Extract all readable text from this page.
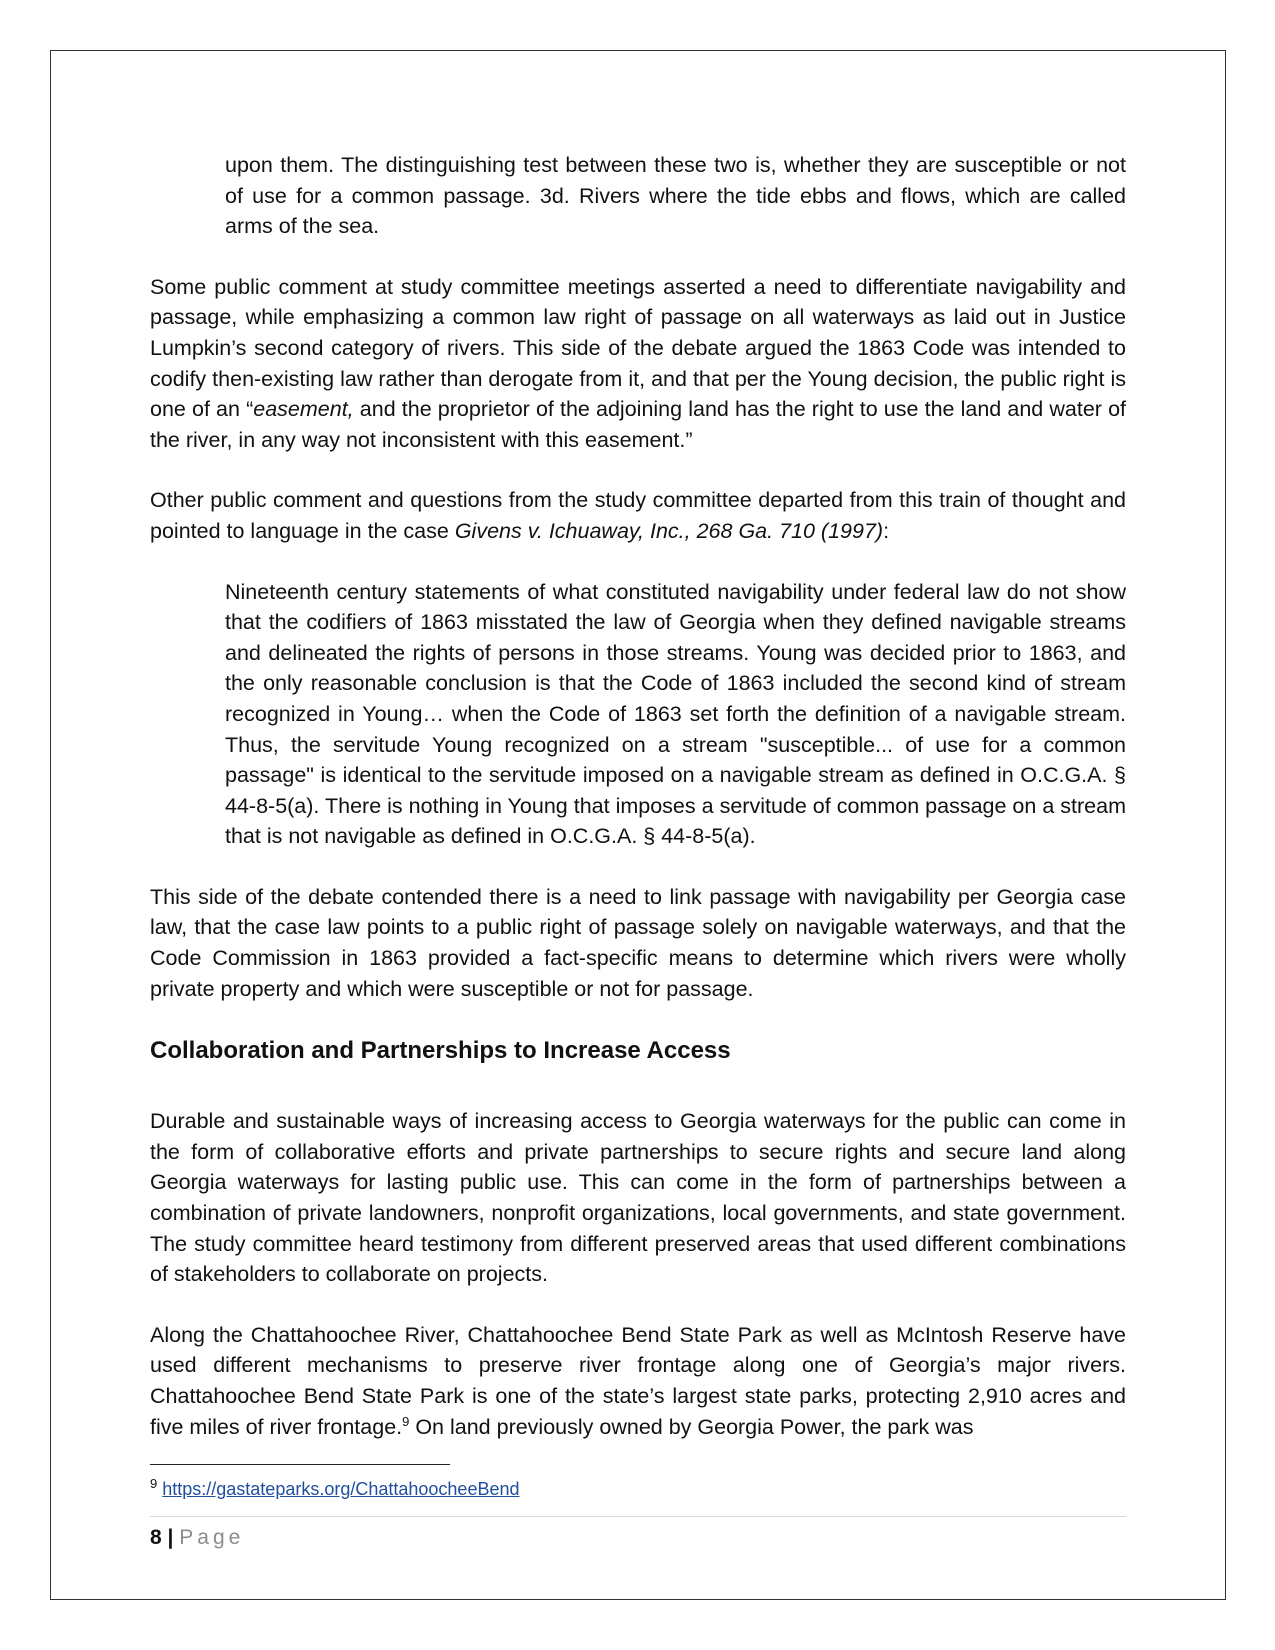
upon them. The distinguishing test between these two is, whether they are susceptible or not of use for a common passage. 3d. Rivers where the tide ebbs and flows, which are called arms of the sea.

Some public comment at study committee meetings asserted a need to differentiate navigability and passage, while emphasizing a common law right of passage on all waterways as laid out in Justice Lumpkin’s second category of rivers. This side of the debate argued the 1863 Code was intended to codify then-existing law rather than derogate from it, and that per the Young decision, the public right is one of an “easement, and the proprietor of the adjoining land has the right to use the land and water of the river, in any way not inconsistent with this easement.”

Other public comment and questions from the study committee departed from this train of thought and pointed to language in the case Givens v. Ichuaway, Inc., 268 Ga. 710 (1997):

Nineteenth century statements of what constituted navigability under federal law do not show that the codifiers of 1863 misstated the law of Georgia when they defined navigable streams and delineated the rights of persons in those streams. Young was decided prior to 1863, and the only reasonable conclusion is that the Code of 1863 included the second kind of stream recognized in Young… when the Code of 1863 set forth the definition of a navigable stream. Thus, the servitude Young recognized on a stream "susceptible... of use for a common passage" is identical to the servitude imposed on a navigable stream as defined in O.C.G.A. § 44-8-5(a). There is nothing in Young that imposes a servitude of common passage on a stream that is not navigable as defined in O.C.G.A. § 44-8-5(a).

This side of the debate contended there is a need to link passage with navigability per Georgia case law, that the case law points to a public right of passage solely on navigable waterways, and that the Code Commission in 1863 provided a fact-specific means to determine which rivers were wholly private property and which were susceptible or not for passage.

Collaboration and Partnerships to Increase Access

Durable and sustainable ways of increasing access to Georgia waterways for the public can come in the form of collaborative efforts and private partnerships to secure rights and secure land along Georgia waterways for lasting public use. This can come in the form of partnerships between a combination of private landowners, nonprofit organizations, local governments, and state government. The study committee heard testimony from different preserved areas that used different combinations of stakeholders to collaborate on projects.

Along the Chattahoochee River, Chattahoochee Bend State Park as well as McIntosh Reserve have used different mechanisms to preserve river frontage along one of Georgia’s major rivers. Chattahoochee Bend State Park is one of the state’s largest state parks, protecting 2,910 acres and five miles of river frontage.$^9$ On land previously owned by Georgia Power, the park was

$^9$ https://gastateparks.org/ChattahoocheeBend
8 | Page
